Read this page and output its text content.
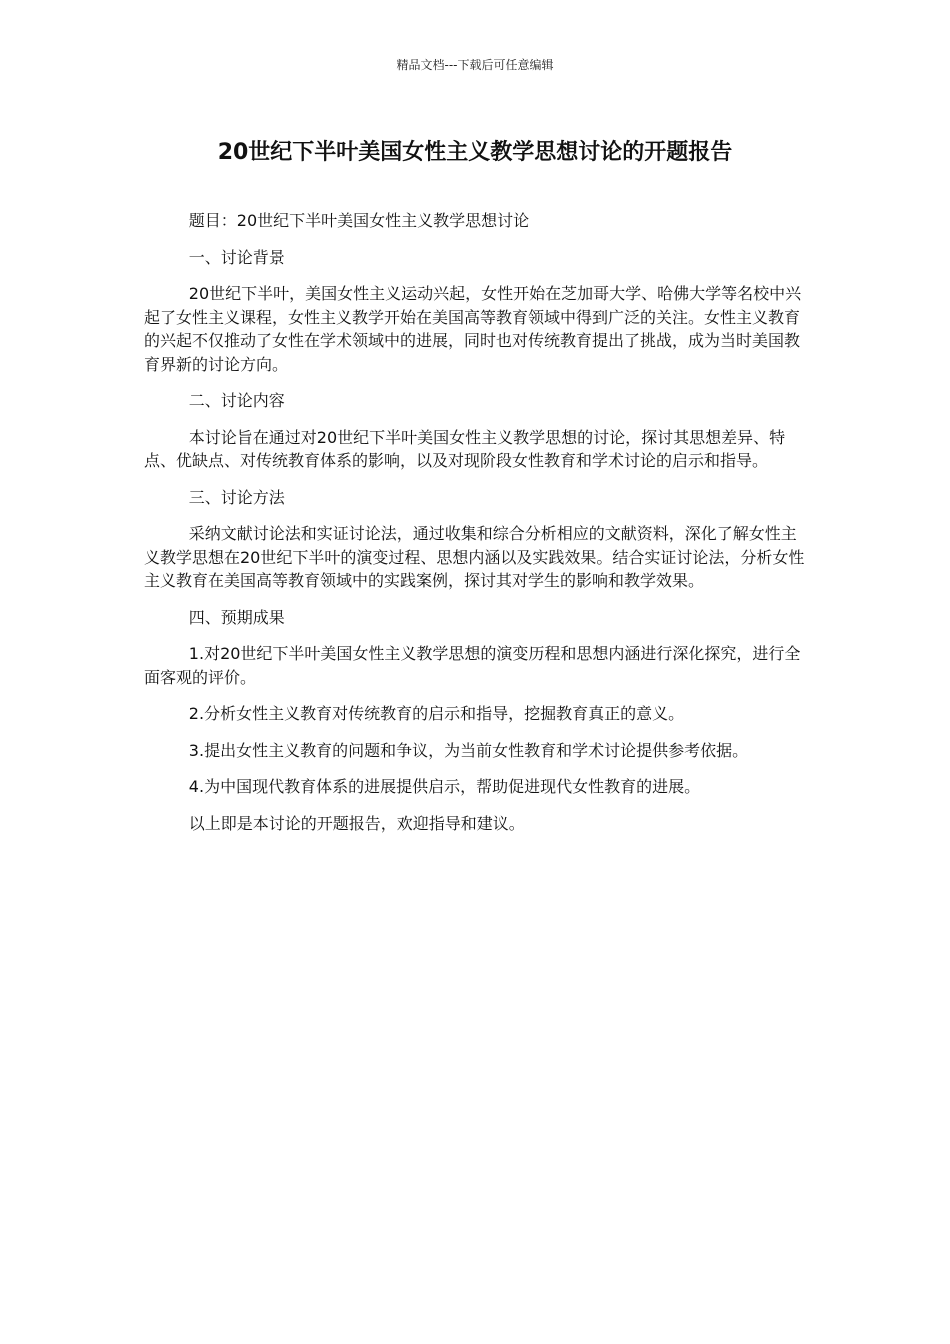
精品文档---下载后可任意编辑
20世纪下半叶美国女性主义教学思想讨论的开题报告

题目：20世纪下半叶美国女性主义教学思想讨论

一、讨论背景

20世纪下半叶，美国女性主义运动兴起，女性开始在芝加哥大学、哈佛大学等名校中兴起了女性主义课程，女性主义教学开始在美国高等教育领域中得到广泛的关注。女性主义教育的兴起不仅推动了女性在学术领域中的进展，同时也对传统教育提出了挑战，成为当时美国教育界新的讨论方向。

二、讨论内容

本讨论旨在通过对20世纪下半叶美国女性主义教学思想的讨论，探讨其思想差异、特点、优缺点、对传统教育体系的影响，以及对现阶段女性教育和学术讨论的启示和指导。

三、讨论方法

采纳文献讨论法和实证讨论法，通过收集和综合分析相应的文献资料，深化了解女性主义教学思想在20世纪下半叶的演变过程、思想内涵以及实践效果。结合实证讨论法，分析女性主义教育在美国高等教育领域中的实践案例，探讨其对学生的影响和教学效果。

四、预期成果

1.对20世纪下半叶美国女性主义教学思想的演变历程和思想内涵进行深化探究，进行全面客观的评价。

2.分析女性主义教育对传统教育的启示和指导，挖掘教育真正的意义。

3.提出女性主义教育的问题和争议，为当前女性教育和学术讨论提供参考依据。

4.为中国现代教育体系的进展提供启示，帮助促进现代女性教育的进展。

以上即是本讨论的开题报告，欢迎指导和建议。
